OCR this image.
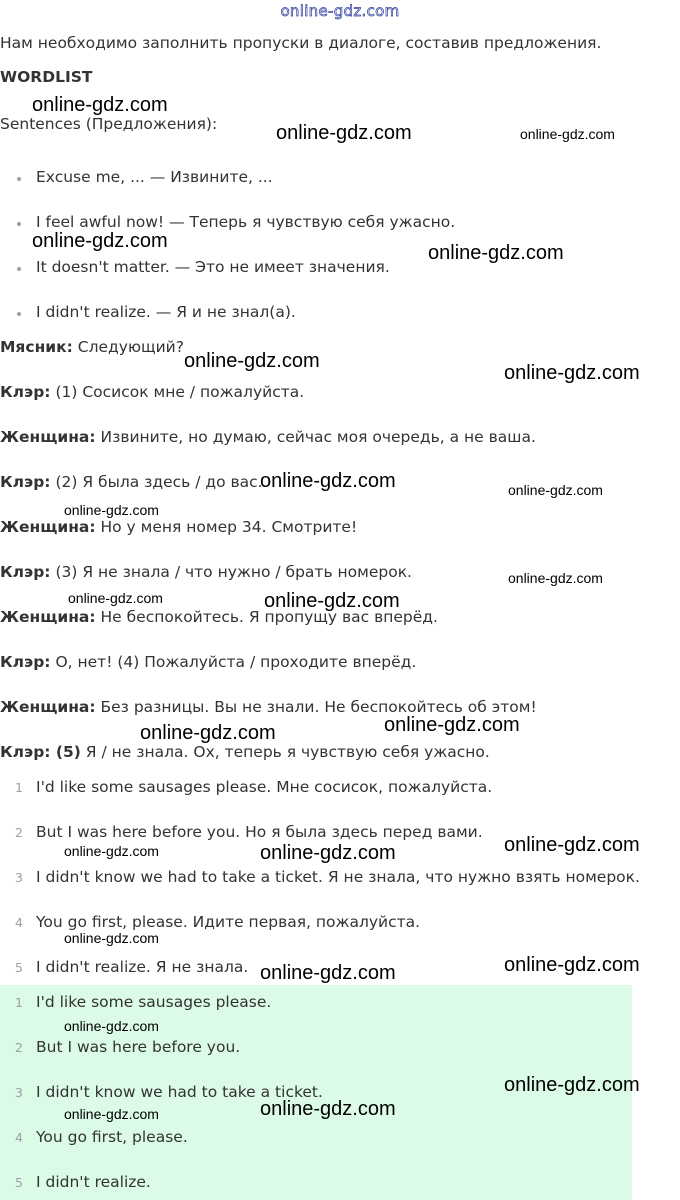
online-gdz.com
Нам необходимо заполнить пропуски в диалоге, составив предложения.
WORDLIST
Sentences (Предложения):
Excuse me, ... — Извините, ...
I feel awful now! — Теперь я чувствую себя ужасно.
It doesn't matter. — Это не имеет значения.
I didn't realize. — Я и не знал(а).
Мясник: Следующий?
Клэр: (1) Сосисок мне / пожалуйста.
Женщина: Извините, но думаю, сейчас моя очередь, а не ваша.
Клэр: (2) Я была здесь / до вас.
Женщина: Но у меня номер 34. Смотрите!
Клэр: (3) Я не знала / что нужно / брать номерок.
Женщина: Не беспокойтесь. Я пропущу вас вперёд.
Клэр: О, нет! (4) Пожалуйста / проходите вперёд.
Женщина: Без разницы. Вы не знали. Не беспокойтесь об этом!
Клэр: (5) Я / не знала. Ох, теперь я чувствую себя ужасно.
1 I'd like some sausages please. Мне сосисок, пожалуйста.
2 But I was here before you. Но я была здесь перед вами.
3 I didn't know we had to take a ticket. Я не знала, что нужно взять номерок.
4 You go first, please. Идите первая, пожалуйста.
5 I didn't realize. Я не знала.
1 I'd like some sausages please.
2 But I was here before you.
3 I didn't know we had to take a ticket.
4 You go first, please.
5 I didn't realize.
online-gdz.com
online-gdz.com	online-gdz.com
online-gdz.com
online-gdz.com
online-gdz.com
online-gdz.com
online-gdz.com	online-gdz.com
online-gdz.com
online-gdz.com
online-gdz.com	online-gdz.com
online-gdz.com
online-gdz.com
online-gdz.com
online-gdz.com	online-gdz.com
online-gdz.com
online-gdz.com
online-gdz.com
online-gdz.com
online-gdz.com
online-gdz.com	online-gdz.com
